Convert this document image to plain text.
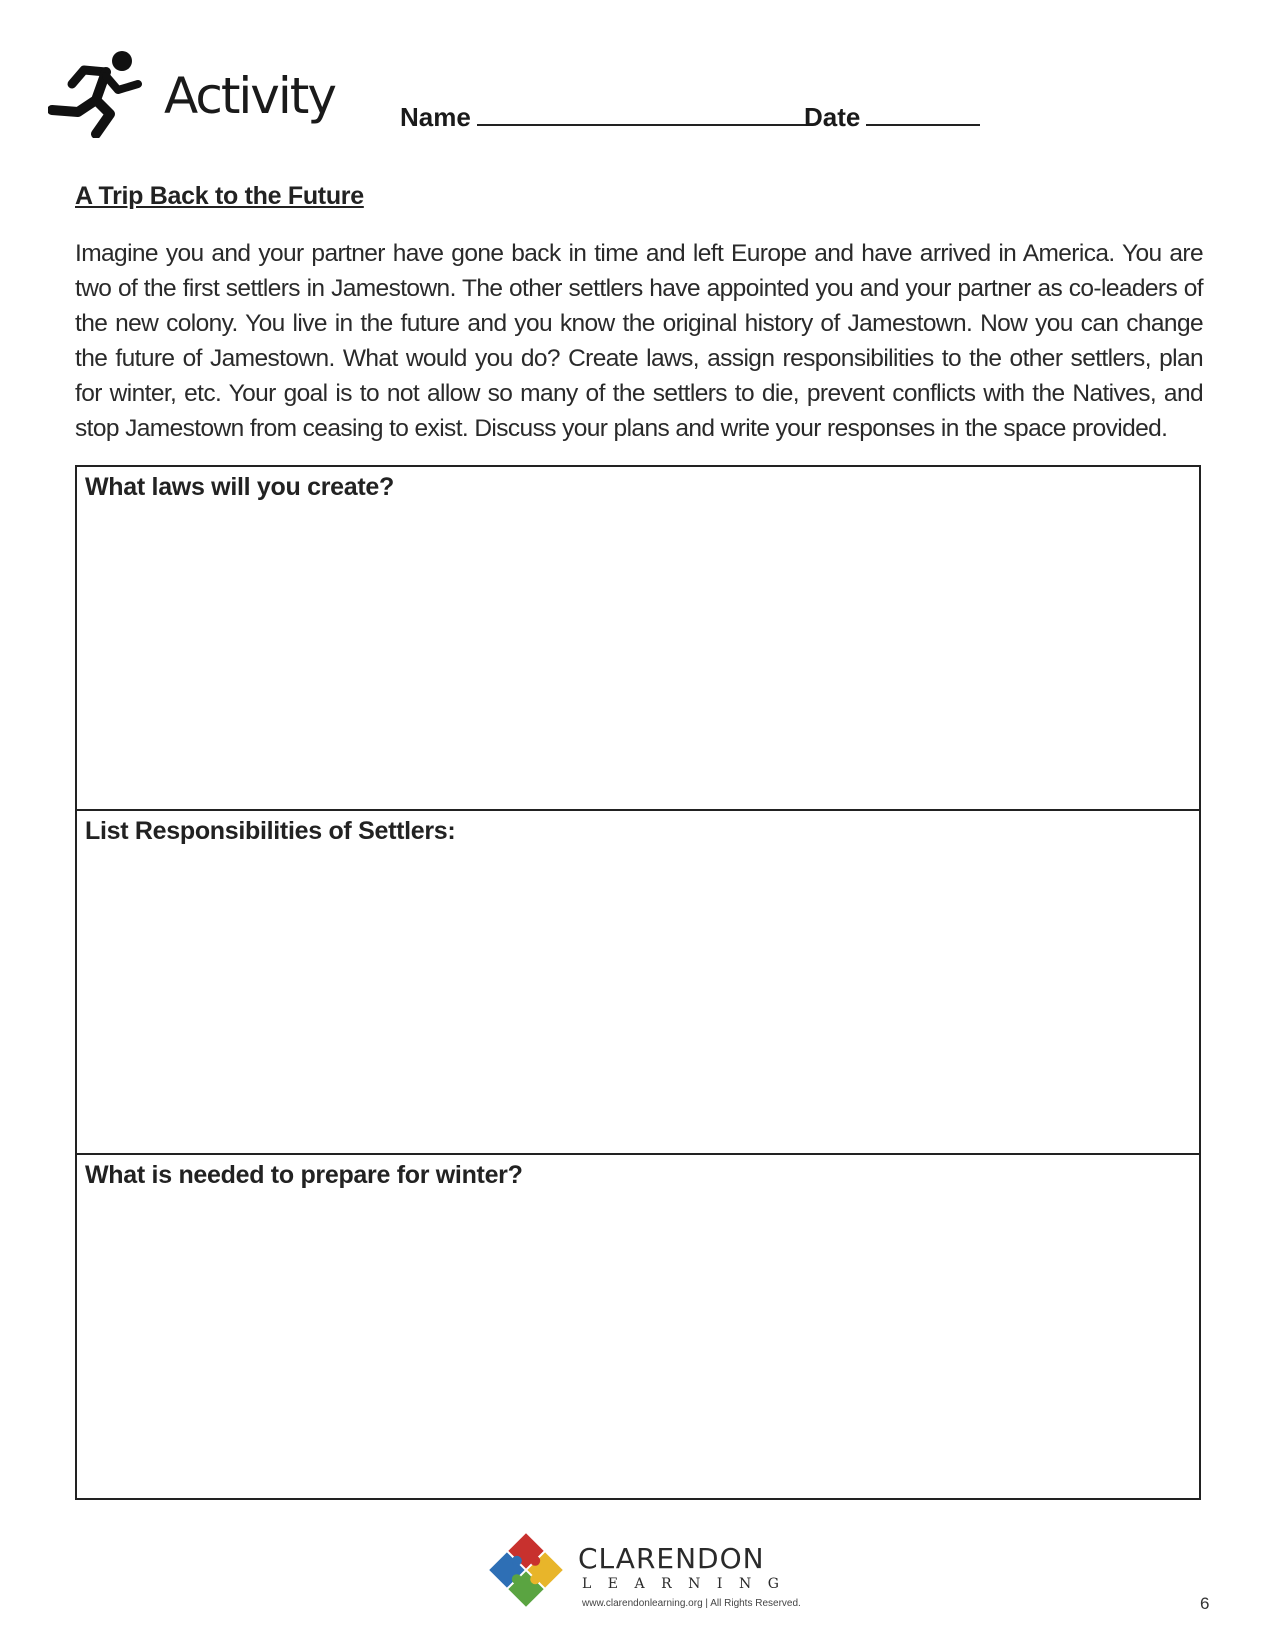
Activity	Name	Date
A Trip Back to the Future
Imagine you and your partner have gone back in time and left Europe and have arrived in America. You are two of the first settlers in Jamestown. The other settlers have appointed you and your partner as co-leaders of the new colony. You live in the future and you know the original history of Jamestown. Now you can change the future of Jamestown. What would you do? Create laws, assign responsibilities to the other settlers, plan for winter, etc. Your goal is to not allow so many of the settlers to die, prevent conflicts with the Natives, and stop Jamestown from ceasing to exist. Discuss your plans and write your responses in the space provided.
What laws will you create?
List Responsibilities of Settlers:
What is needed to prepare for winter?
CLARENDON
LEARNING
www.clarendonlearning.org | All Rights Reserved.	6
